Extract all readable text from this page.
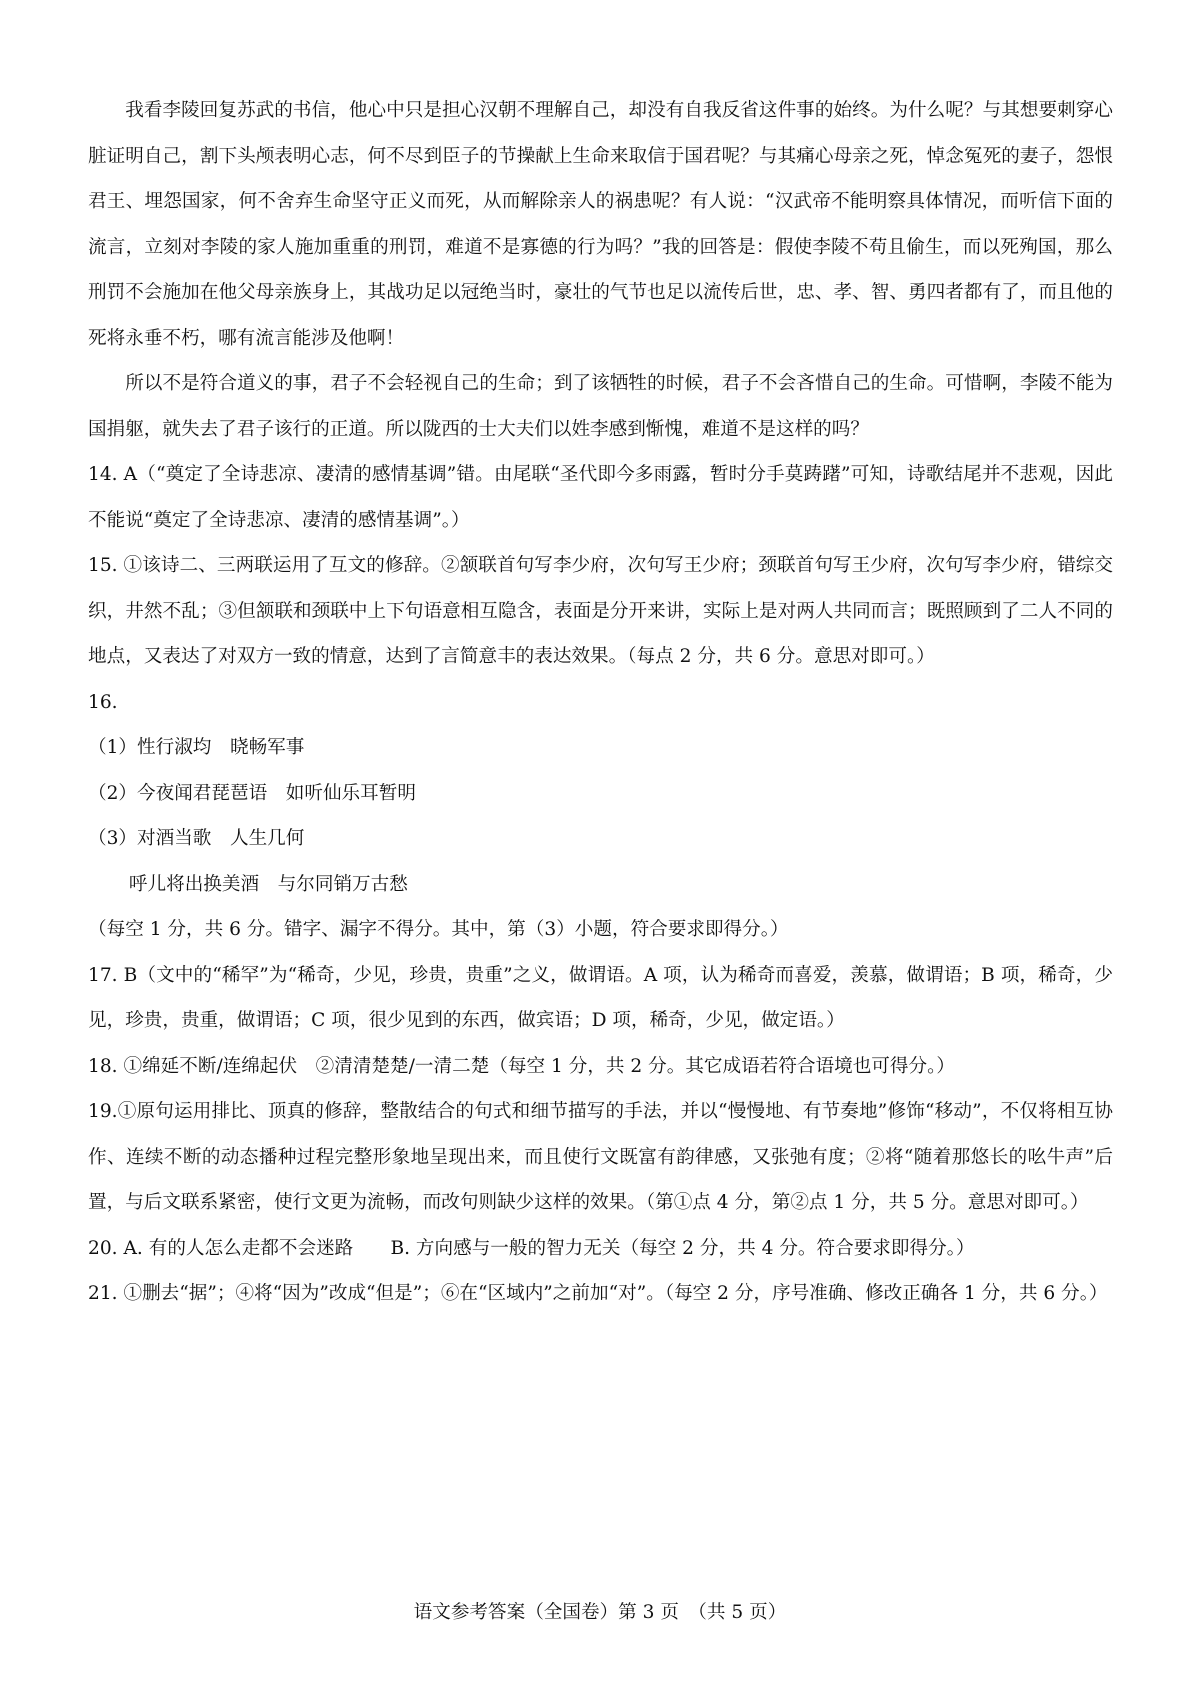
我看李陵回复苏武的书信，他心中只是担心汉朝不理解自己，却没有自我反省这件事的始终。为什么呢？与其想要刺穿心脏证明自己，割下头颅表明心志，何不尽到臣子的节操献上生命来取信于国君呢？与其痛心母亲之死，悼念冤死的妻子，怨恨君王、埋怨国家，何不舍弃生命坚守正义而死，从而解除亲人的祸患呢？有人说：“汉武帝不能明察具体情况，而听信下面的流言，立刻对李陵的家人施加重重的刑罚，难道不是寡德的行为吗？”我的回答是：假使李陵不苟且偷生，而以死殉国，那么刑罚不会施加在他父母亲族身上，其战功足以冠绝当时，豪壮的气节也足以流传后世，忠、孝、智、勇四者都有了，而且他的死将永垂不朽，哪有流言能涉及他啊！

所以不是符合道义的事，君子不会轻视自己的生命；到了该牺牲的时候，君子不会吝惜自己的生命。可惜啊，李陵不能为国捐躯，就失去了君子该行的正道。所以陇西的士大夫们以姓李感到惭愧，难道不是这样的吗？

14. A（“奠定了全诗悲凉、凄清的感情基调”错。由尾联“圣代即今多雨露，暂时分手莫踌躇”可知，诗歌结尾并不悲观，因此不能说“奠定了全诗悲凉、凄清的感情基调”。）

15. ①该诗二、三两联运用了互文的修辞。②颔联首句写李少府，次句写王少府；颈联首句写王少府，次句写李少府，错综交织，井然不乱；③但颔联和颈联中上下句语意相互隐含，表面是分开来讲，实际上是对两人共同而言；既照顾到了二人不同的地点，又表达了对双方一致的情意，达到了言简意丰的表达效果。（每点 2 分，共 6 分。意思对即可。）

16.

（1）性行淑均　晓畅军事

（2）今夜闻君琵琶语　如听仙乐耳暂明

（3）对酒当歌　人生几何

呼儿将出换美酒　与尔同销万古愁

（每空 1 分，共 6 分。错字、漏字不得分。其中，第（3）小题，符合要求即得分。）

17. B（文中的“稀罕”为“稀奇，少见，珍贵，贵重”之义，做谓语。A 项，认为稀奇而喜爱，羡慕，做谓语；B 项，稀奇，少见，珍贵，贵重，做谓语；C 项，很少见到的东西，做宾语；D 项，稀奇，少见，做定语。）

18. ①绵延不断/连绵起伏　②清清楚楚/一清二楚（每空 1 分，共 2 分。其它成语若符合语境也可得分。）

19.①原句运用排比、顶真的修辞，整散结合的句式和细节描写的手法，并以“慢慢地、有节奏地”修饰“移动”，不仅将相互协作、连续不断的动态播种过程完整形象地呈现出来，而且使行文既富有韵律感，又张弛有度；②将“随着那悠长的吆牛声”后置，与后文联系紧密，使行文更为流畅，而改句则缺少这样的效果。（第①点 4 分，第②点 1 分，共 5 分。意思对即可。）

20. A. 有的人怎么走都不会迷路　　B. 方向感与一般的智力无关（每空 2 分，共 4 分。符合要求即得分。）

21. ①删去“据”；④将“因为”改成“但是”；⑥在“区域内”之前加“对”。（每空 2 分，序号准确、修改正确各 1 分，共 6 分。）

语文参考答案（全国卷）第 3 页　（共 5 页）
